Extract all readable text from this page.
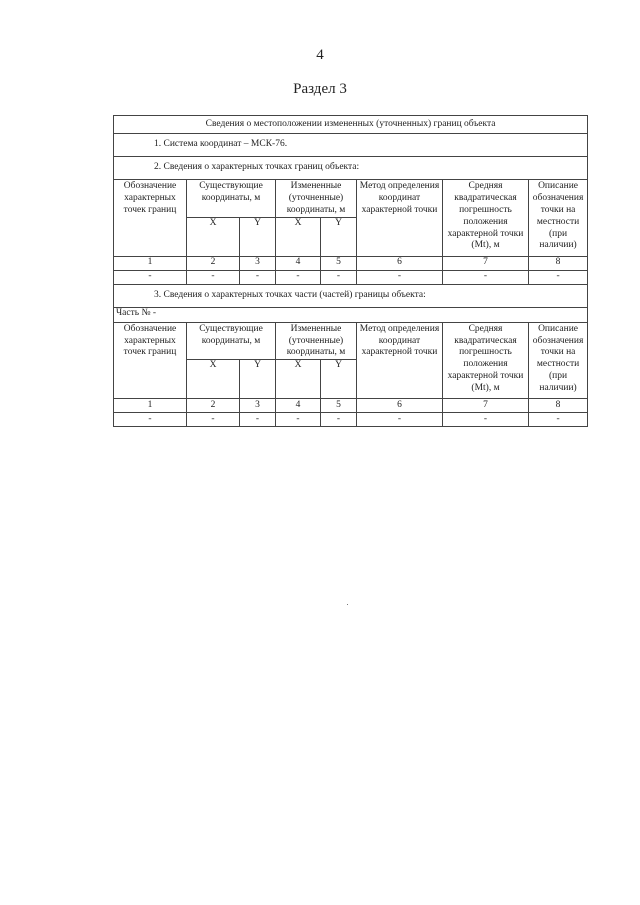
4
Раздел 3
Сведения о местоположении измененных (уточненных) границ объекта							
1. Система координат – МСК-76.							
2. Сведения о характерных точках границ объекта:							
Обозначение характерных точек границ	Существующие координаты, м		Измененные (уточненные) координаты, м		Метод определения координат характерной точки	Срeдняя квадратическая погрешность положения характерной точки (Mt), м	Описание обозначения точки на местности (при наличии)
	X	Y	X	Y			
1	2	3	4	5	6	7	8
-	-	-	-	-	-	-	-
3. Сведения о характерных точках части (частей) границы объекта:							
Часть № -							
Обозначение характерных точек границ	Существующие координаты, м		Измененные (уточненные) координаты, м		Метод определения координат характерной точки	Средняя квадратическая погрешность положения характерной точки (Mt), м	Описание обозначения точки на местности (при наличии)
	X	Y	X	Y			
1	2	3	4	5	6	7	8
-	-	-	-	-	-	-	-
